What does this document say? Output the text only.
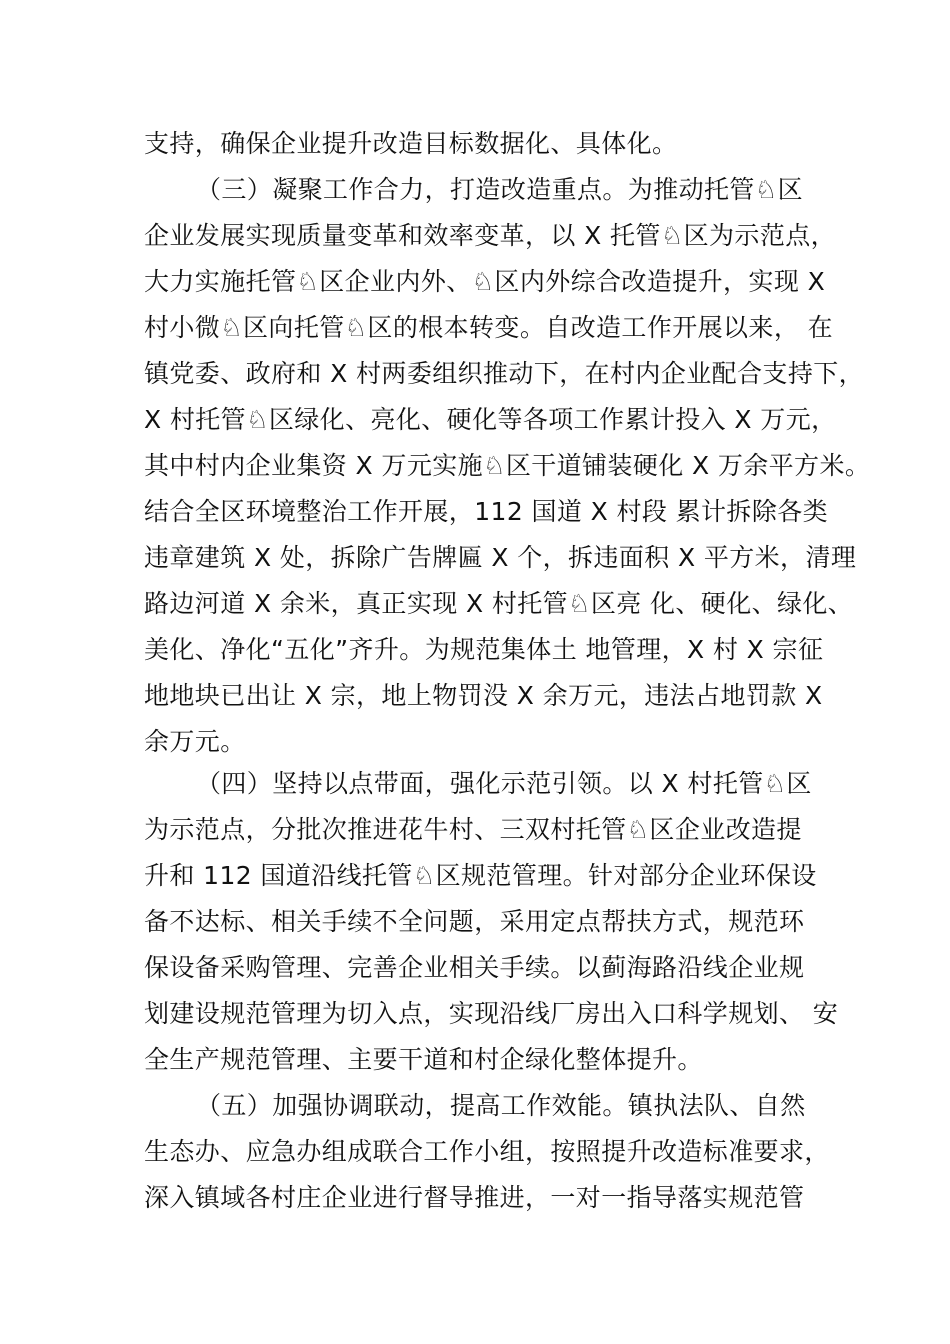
支持，确保企业提升改造目标数据化、具体化。
（三）凝聚工作合力，打造改造重点。为推动托管♘区
企业发展实现质量变革和效率变革，以 X 托管♘区为示范点，
大力实施托管♘区企业内外、♘区内外综合改造提升，实现 X
村小微♘区向托管♘区的根本转变。自改造工作开展以来， 在
镇党委、政府和 X 村两委组织推动下，在村内企业配合支持下，
X 村托管♘区绿化、亮化、硬化等各项工作累计投入 X 万元，
其中村内企业集资 X 万元实施♘区干道铺装硬化 X 万余平方米。
结合全区环境整治工作开展，112 国道 X 村段 累计拆除各类
违章建筑 X 处，拆除广告牌匾 X 个，拆违面积 X 平方米，清理
路边河道 X 余米，真正实现 X 村托管♘区亮 化、硬化、绿化、
美化、净化“五化”齐升。为规范集体土 地管理，X 村 X 宗征
地地块已出让 X 宗，地上物罚没 X 余万元，违法占地罚款 X
余万元。
（四）坚持以点带面，强化示范引领。以 X 村托管♘区
为示范点，分批次推进花牛村、三双村托管♘区企业改造提
升和 112 国道沿线托管♘区规范管理。针对部分企业环保设
备不达标、相关手续不全问题，采用定点帮扶方式，规范环
保设备采购管理、完善企业相关手续。以蓟海路沿线企业规
划建设规范管理为切入点，实现沿线厂房出入口科学规划、 安
全生产规范管理、主要干道和村企绿化整体提升。
（五）加强协调联动，提高工作效能。镇执法队、自然
生态办、应急办组成联合工作小组，按照提升改造标准要求，
深入镇域各村庄企业进行督导推进，一对一指导落实规范管
